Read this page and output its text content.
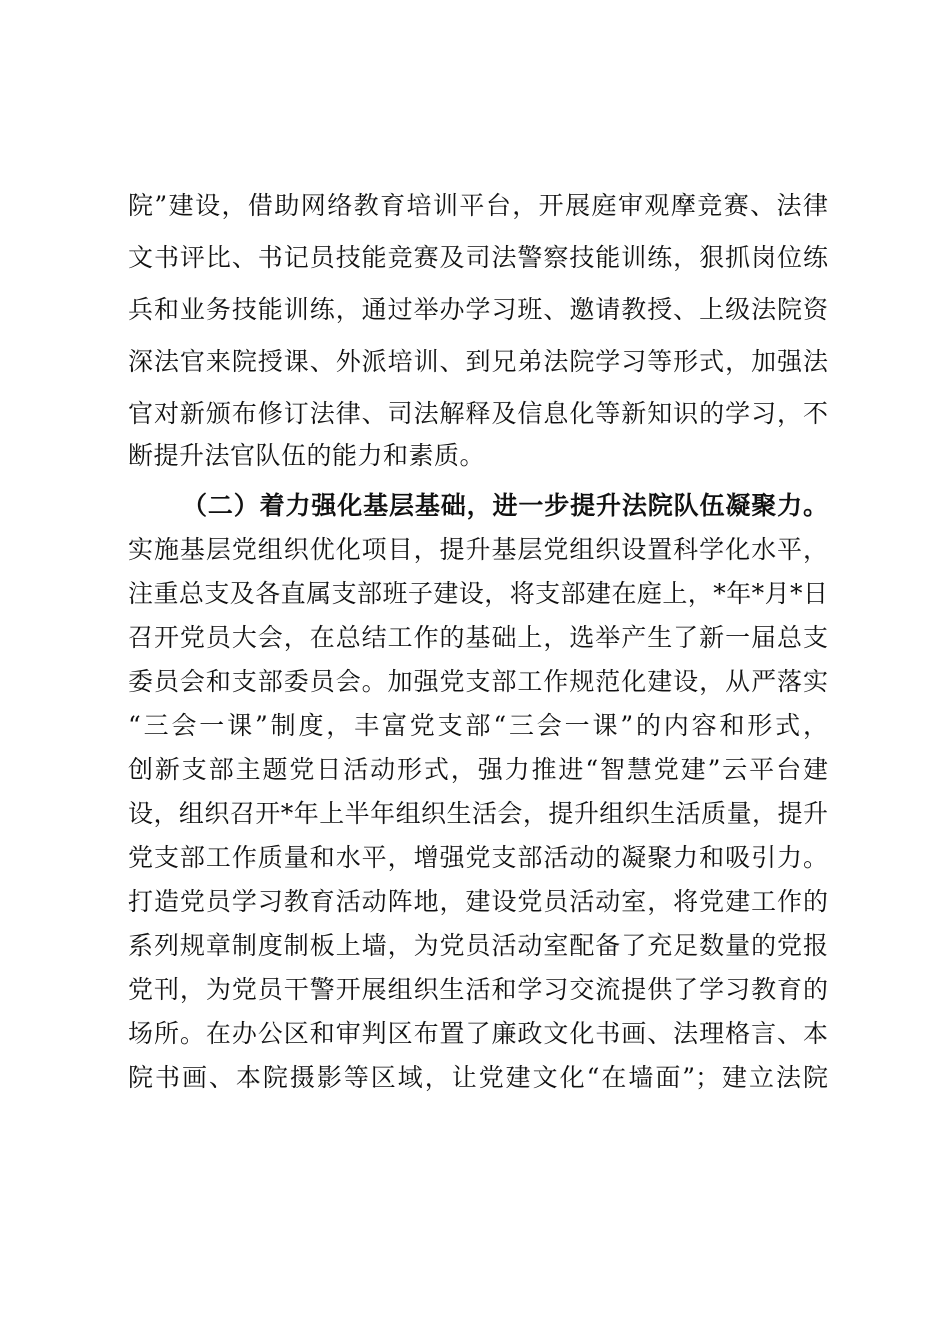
院”建设，借助网络教育培训平台，开展庭审观摩竞赛、法律
文书评比、书记员技能竞赛及司法警察技能训练，狠抓岗位练
兵和业务技能训练，通过举办学习班、邀请教授、上级法院资
深法官来院授课、外派培训、到兄弟法院学习等形式，加强法
官对新颁布修订法律、司法解释及信息化等新知识的学习，不
断提升法官队伍的能力和素质。
（二）着力强化基层基础，进一步提升法院队伍凝聚力。
实施基层党组织优化项目，提升基层党组织设置科学化水平，
注重总支及各直属支部班子建设，将支部建在庭上，*年*月*日
召开党员大会，在总结工作的基础上，选举产生了新一届总支
委员会和支部委员会。加强党支部工作规范化建设，从严落实
“三会一课”制度，丰富党支部“三会一课”的内容和形式，
创新支部主题党日活动形式，强力推进“智慧党建”云平台建
设，组织召开*年上半年组织生活会，提升组织生活质量，提升
党支部工作质量和水平，增强党支部活动的凝聚力和吸引力。
打造党员学习教育活动阵地，建设党员活动室，将党建工作的
系列规章制度制板上墙，为党员活动室配备了充足数量的党报
党刊，为党员干警开展组织生活和学习交流提供了学习教育的
场所。在办公区和审判区布置了廉政文化书画、法理格言、本
院书画、本院摄影等区域，让党建文化“在墙面”；建立法院
